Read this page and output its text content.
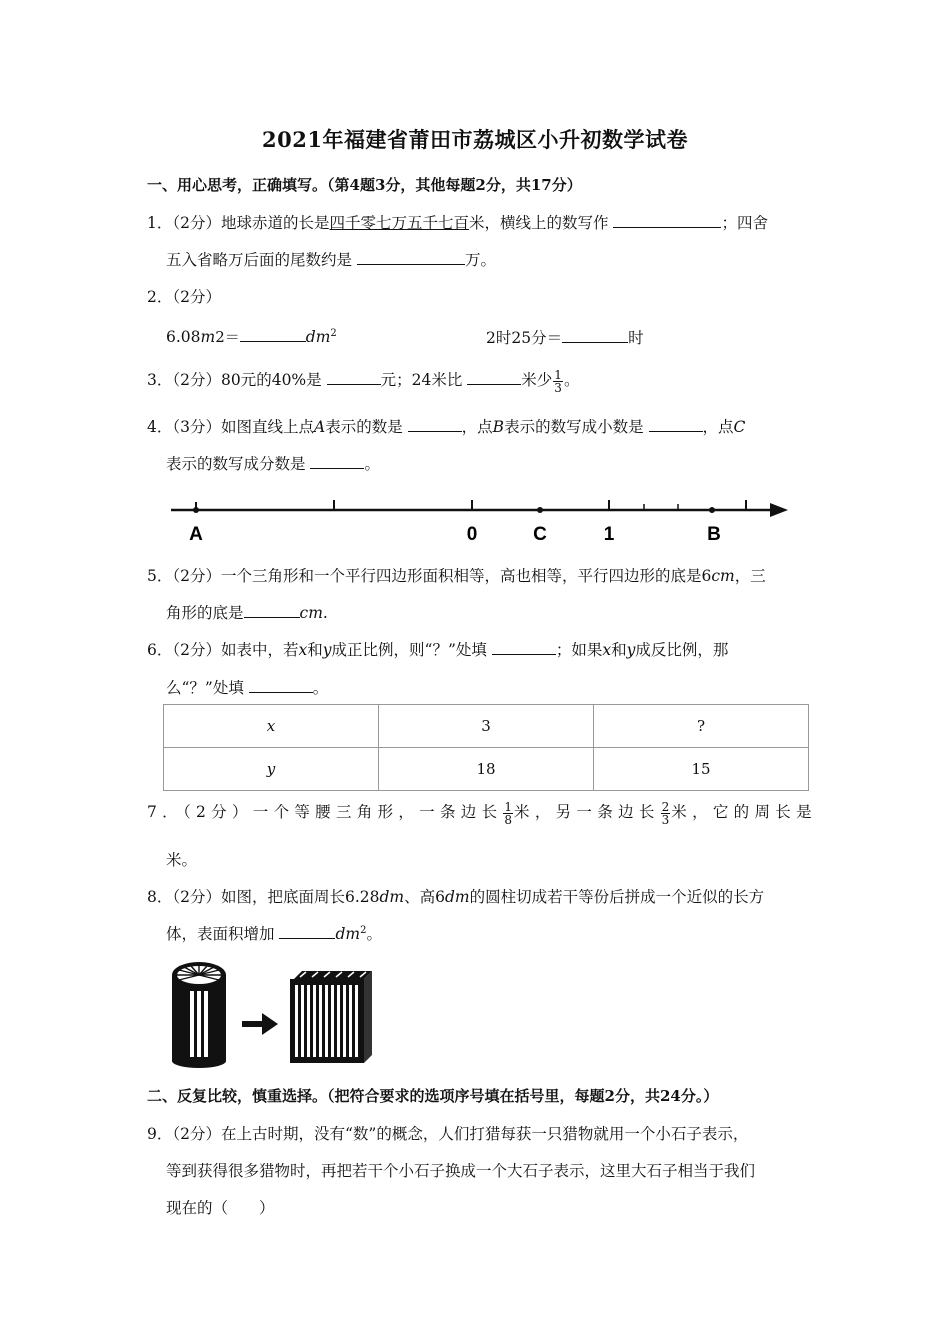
2021年福建省莆田市荔城区小升初数学试卷
一、用心思考，正确填写。（第4题3分，其他每题2分，共17分）
1．（2分）地球赤道的长是四千零七万五千七百米，横线上的数写作	；四舍
五入省略万后面的尾数约是	万。
2．（2分）
6.08m2＝	$dm^2$	2时25分＝	时
3．（2分）80元的40%是	元；24米比	米少 $\frac{1}{3}$ 。
4．（3分）如图直线上点A表示的数是	，点B表示的数写成小数是	，点C
表示的数写成分数是	。
A	0	C	1	B
5．（2分）一个三角形和一个平行四边形面积相等，高也相等，平行四边形的底是6cm，三
角形的底是	cm.
6．（2分）如表中，若x和y成正比例，则“？”处填	；如果x和y成反比例，那
么“？”处填	。
x	3	?
y	18	15
7．（2分）一个等腰三角形，一条边长 $\frac{1}{8}$ 米，另一条边长 $\frac{2}{3}$ 米，它的周长是
米。
8．（2分）如图，把底面周长6.28dm、高6dm的圆柱切成若干等份后拼成一个近似的长方
体，表面积增加	$dm^2$。
二、反复比较，慎重选择。（把符合要求的选项序号填在括号里，每题2分，共24分。）
9．（2分）在上古时期，没有“数”的概念，人们打猎每获一只猎物就用一个小石子表示，
等到获得很多猎物时，再把若干个小石子换成一个大石子表示，这里大石子相当于我们
现在的（　　）
